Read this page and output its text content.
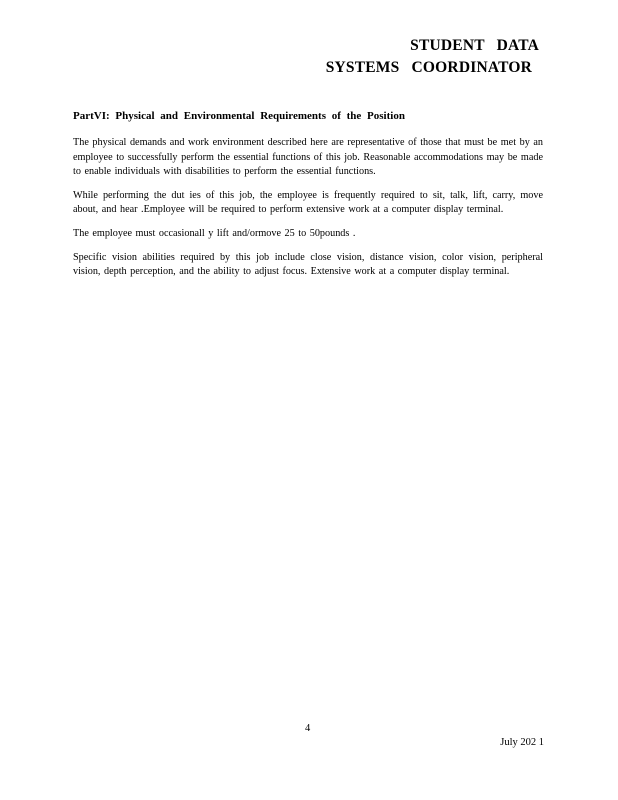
STUDENT DATA
SYSTEMS COORDINATOR
PartVI: Physical and Environmental Requirements of the Position

The physical demands and work environment described here are representative of those that must be met by an employee to successfully perform the essential functions of this job. Reasonable accommodations may be made to enable individuals with disabilities to perform the essential functions.

While performing the dut ies of this job, the employee is frequently required to sit, talk, lift, carry, move about, and hear .Employee will be required to perform extensive work at a computer display terminal.

The employee must occasionall y lift and/ormove 25 to 50pounds .

Specific vision abilities required by this job include close vision, distance vision, color vision, peripheral vision, depth perception, and the ability to adjust focus. Extensive work at a computer display terminal.

4
July 202 1
